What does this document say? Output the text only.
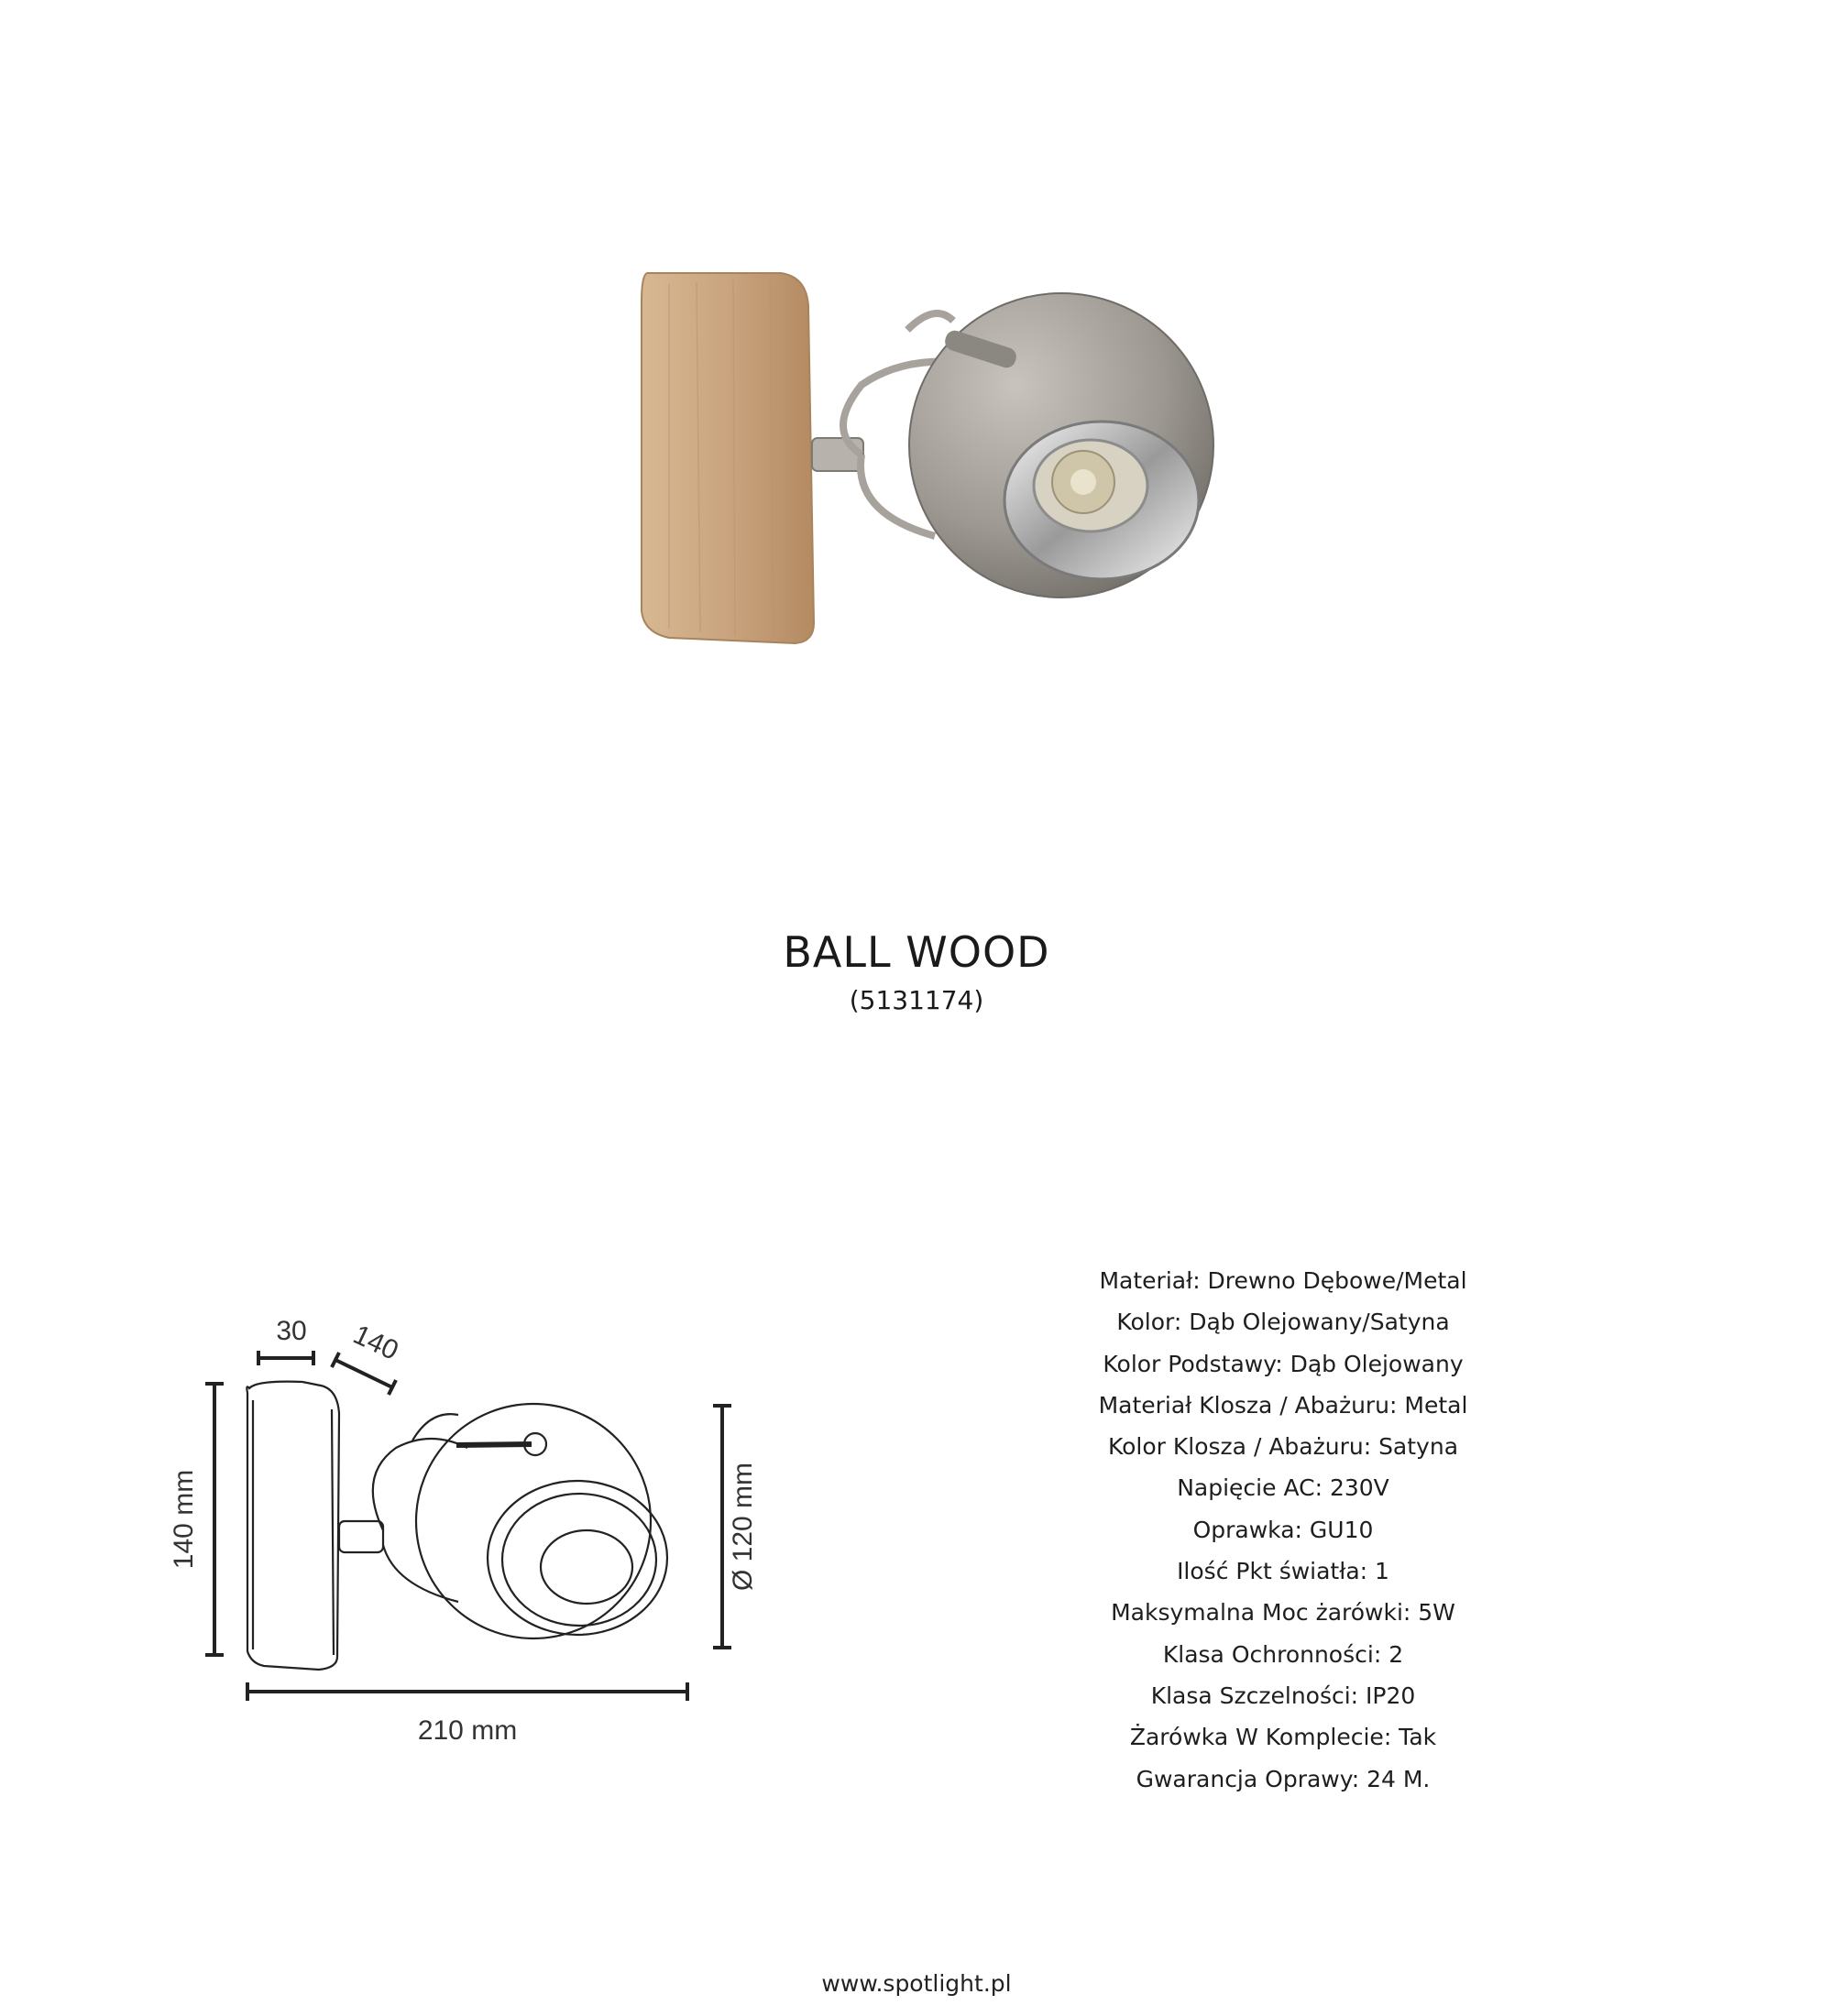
BALL WOOD
(5131174)
30 140
140 mm	Ø 120 mm
210 mm
Materiał: Drewno Dębowe/Metal
Kolor: Dąb Olejowany/Satyna
Kolor Podstawy: Dąb Olejowany
Materiał Klosza / Abażuru: Metal
Kolor Klosza / Abażuru: Satyna
Napięcie AC: 230V
Oprawka: GU10
Ilość Pkt światła: 1
Maksymalna Moc żarówki: 5W
Klasa Ochronności: 2
Klasa Szczelności: IP20
Żarówka W Komplecie: Tak
Gwarancja Oprawy: 24 M.
www.spotlight.pl
